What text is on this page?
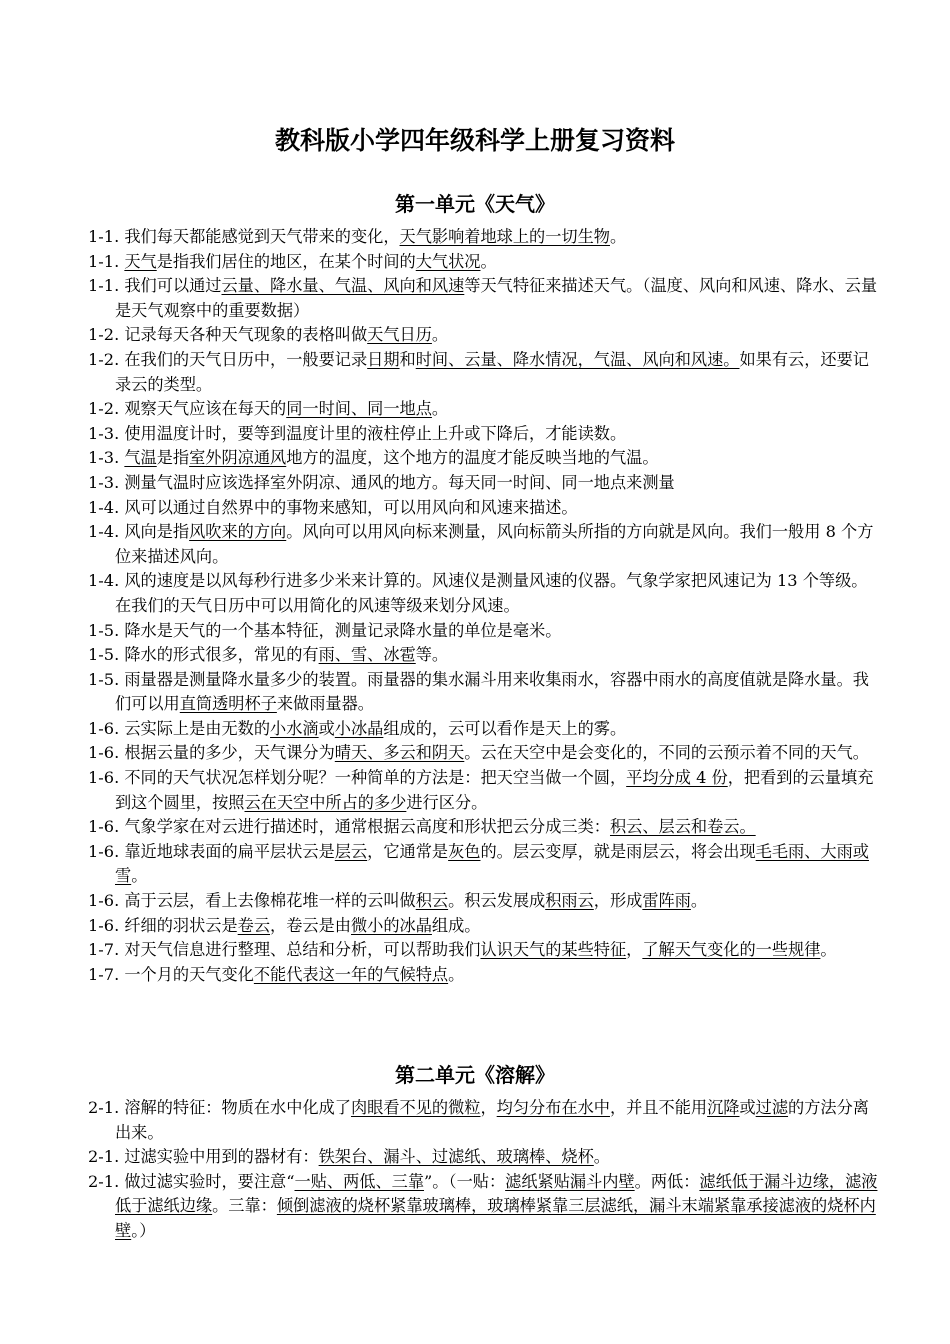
教科版小学四年级科学上册复习资料
第一单元《天气》

1-1. 我们每天都能感觉到天气带来的变化，天气影响着地球上的一切生物。

1-1. 天气是指我们居住的地区，在某个时间的大气状况。

1-1. 我们可以通过云量、降水量、气温、风向和风速等天气特征来描述天气。（温度、风向和风速、降水、云量是天气观察中的重要数据）

1-2. 记录每天各种天气现象的表格叫做天气日历。

1-2. 在我们的天气日历中，一般要记录日期和时间、云量、降水情况，气温、风向和风速。如果有云，还要记录云的类型。

1-2. 观察天气应该在每天的同一时间、同一地点。

1-3. 使用温度计时，要等到温度计里的液柱停止上升或下降后，才能读数。

1-3. 气温是指室外阴凉通风地方的温度，这个地方的温度才能反映当地的气温。

1-3. 测量气温时应该选择室外阴凉、通风的地方。每天同一时间、同一地点来测量

1-4. 风可以通过自然界中的事物来感知，可以用风向和风速来描述。

1-4. 风向是指风吹来的方向。风向可以用风向标来测量，风向标箭头所指的方向就是风向。我们一般用 8 个方位来描述风向。

1-4. 风的速度是以风每秒行进多少米来计算的。风速仪是测量风速的仪器。气象学家把风速记为 13 个等级。在我们的天气日历中可以用简化的风速等级来划分风速。

1-5. 降水是天气的一个基本特征，测量记录降水量的单位是毫米。

1-5. 降水的形式很多，常见的有雨、雪、冰雹等。

1-5. 雨量器是测量降水量多少的装置。雨量器的集水漏斗用来收集雨水，容器中雨水的高度值就是降水量。我们可以用直筒透明杯子来做雨量器。

1-6. 云实际上是由无数的小水滴或小冰晶组成的，云可以看作是天上的雾。

1-6. 根据云量的多少，天气课分为晴天、多云和阴天。云在天空中是会变化的，不同的云预示着不同的天气。

1-6. 不同的天气状况怎样划分呢？一种简单的方法是：把天空当做一个圆，平均分成 4 份，把看到的云量填充到这个圆里，按照云在天空中所占的多少进行区分。

1-6. 气象学家在对云进行描述时，通常根据云高度和形状把云分成三类：积云、层云和卷云。

1-6. 靠近地球表面的扁平层状云是层云，它通常是灰色的。层云变厚，就是雨层云，将会出现毛毛雨、大雨或雪。

1-6. 高于云层，看上去像棉花堆一样的云叫做积云。积云发展成积雨云，形成雷阵雨。

1-6. 纤细的羽状云是卷云，卷云是由微小的冰晶组成。

1-7. 对天气信息进行整理、总结和分析，可以帮助我们认识天气的某些特征，了解天气变化的一些规律。

1-7. 一个月的天气变化不能代表这一年的气候特点。

第二单元《溶解》

2-1. 溶解的特征：物质在水中化成了肉眼看不见的微粒，均匀分布在水中，并且不能用沉降或过滤的方法分离出来。

2-1. 过滤实验中用到的器材有：铁架台、漏斗、过滤纸、玻璃棒、烧杯。

2-1. 做过滤实验时，要注意“一贴、两低、三靠”。（一贴：滤纸紧贴漏斗内壁。两低：滤纸低于漏斗边缘，滤液低于滤纸边缘。三靠：倾倒滤液的烧杯紧靠玻璃棒，玻璃棒紧靠三层滤纸，漏斗末端紧靠承接滤液的烧杯内壁。）
